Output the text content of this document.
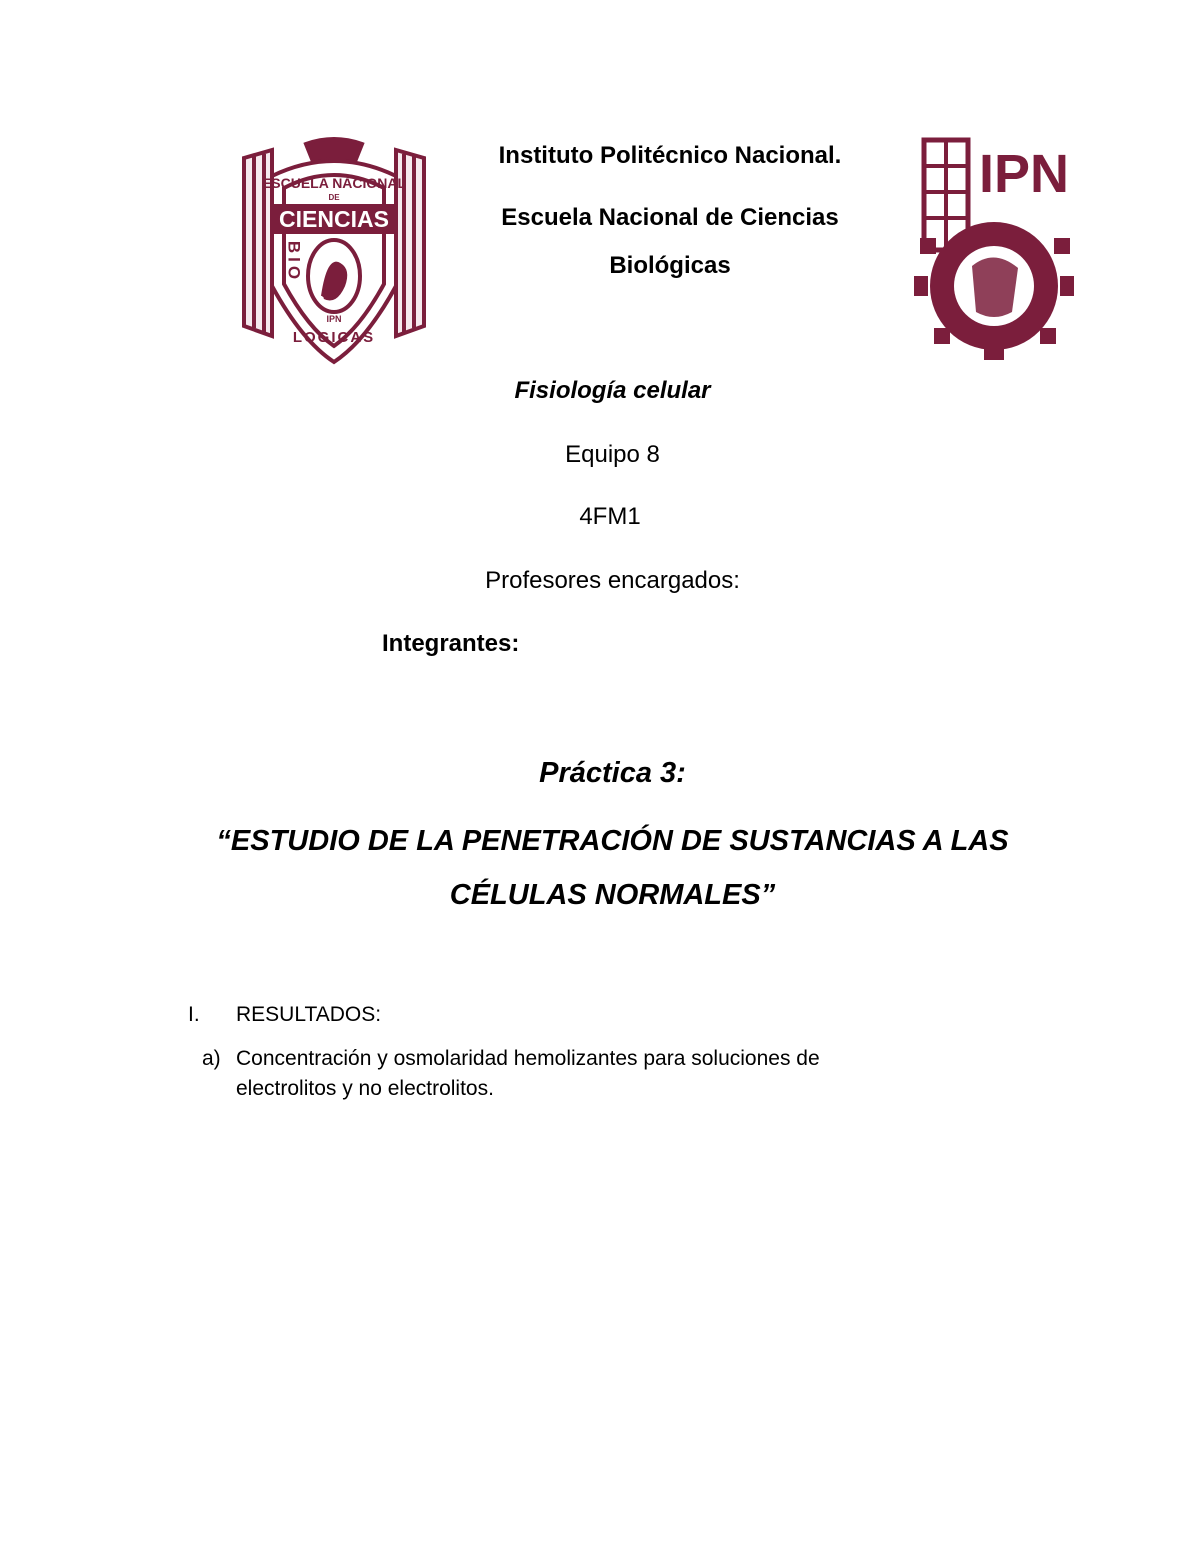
ESCUELA NACIONAL
DE
CIENCIAS
BIO
LOGICAS
IPN
IPN
Instituto Politécnico Nacional.
Escuela Nacional de Ciencias
Biológicas
Fisiología celular
Equipo 8
4FM1
Profesores encargados:
Integrantes:
Práctica 3:
“ESTUDIO DE LA PENETRACIÓN DE SUSTANCIAS A LAS
CÉLULAS NORMALES”
I. RESULTADOS:
a) Concentración y osmolaridad hemolizantes para soluciones de
electrolitos y no electrolitos.
